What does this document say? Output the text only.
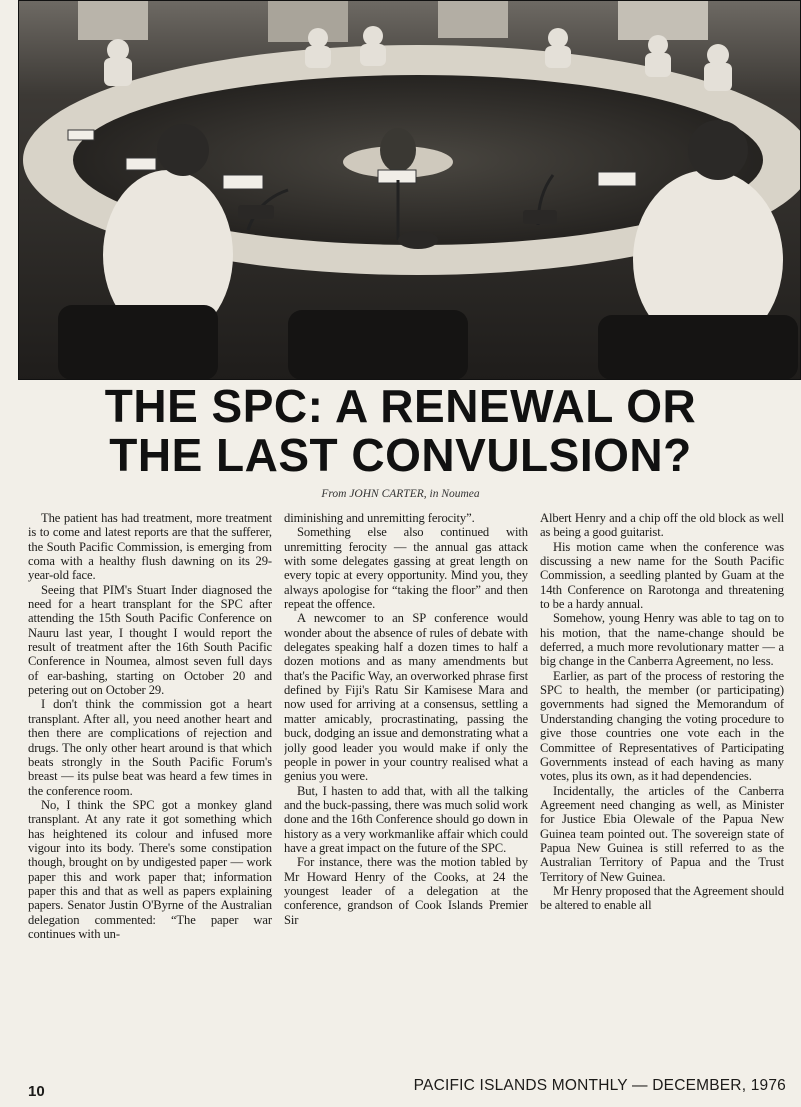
THE SPC: A RENEWAL OR
THE LAST CONVULSION?
From JOHN CARTER, in Noumea

The patient has had treatment, more treatment is to come and latest reports are that the sufferer, the South Pacific Commission, is emerging from coma with a healthy flush dawning on its 29-year-old face.

Seeing that PIM's Stuart Inder diagnosed the need for a heart transplant for the SPC after attending the 15th South Pacific Conference on Nauru last year, I thought I would report the result of treatment after the 16th South Pacific Conference in Noumea, almost seven full days of ear-bashing, starting on October 20 and petering out on October 29.

I don't think the commission got a heart transplant. After all, you need another heart and then there are complications of rejection and drugs. The only other heart around is that which beats strongly in the South Pacific Forum's breast — its pulse beat was heard a few times in the conference room.

No, I think the SPC got a monkey gland transplant. At any rate it got something which has heightened its colour and infused more vigour into its body. There's some constipation though, brought on by undigested paper — work paper this and work paper that; information paper this and that as well as papers explaining papers. Senator Justin O'Byrne of the Australian delegation commented: “The paper war continues with un-

diminishing and unremitting ferocity”.

Something else also continued with unremitting ferocity — the annual gas attack with some delegates gassing at great length on every topic at every opportunity. Mind you, they always apologise for “taking the floor” and then repeat the offence.

A newcomer to an SP conference would wonder about the absence of rules of debate with delegates speaking half a dozen times to half a dozen motions and as many amendments but that's the Pacific Way, an overworked phrase first defined by Fiji's Ratu Sir Kamisese Mara and now used for arriving at a consensus, settling a matter amicably, procrastinating, passing the buck, dodging an issue and demonstrating what a jolly good leader you would make if only the people in power in your country realised what a genius you were.

But, I hasten to add that, with all the talking and the buck-passing, there was much solid work done and the 16th Conference should go down in history as a very workmanlike affair which could have a great impact on the future of the SPC.

For instance, there was the motion tabled by Mr Howard Henry of the Cooks, at 24 the youngest leader of a delegation at the conference, grandson of Cook Islands Premier Sir

Albert Henry and a chip off the old block as well as being a good guitarist.

His motion came when the conference was discussing a new name for the South Pacific Commission, a seedling planted by Guam at the 14th Conference on Rarotonga and threatening to be a hardy annual.

Somehow, young Henry was able to tag on to his motion, that the name-change should be deferred, a much more revolutionary matter — a big change in the Canberra Agreement, no less.

Earlier, as part of the process of restoring the SPC to health, the member (or participating) governments had signed the Memorandum of Understanding changing the voting procedure to give those countries one vote each in the Committee of Representatives of Participating Governments instead of each having as many votes, plus its own, as it had dependencies.

Incidentally, the articles of the Canberra Agreement need changing as well, as Minister for Justice Ebia Olewale of the Papua New Guinea team pointed out. The sovereign state of Papua New Guinea is still referred to as the Australian Territory of Papua and the Trust Territory of New Guinea.

Mr Henry proposed that the Agreement should be altered to enable all

10	PACIFIC ISLANDS MONTHLY — DECEMBER, 1976
